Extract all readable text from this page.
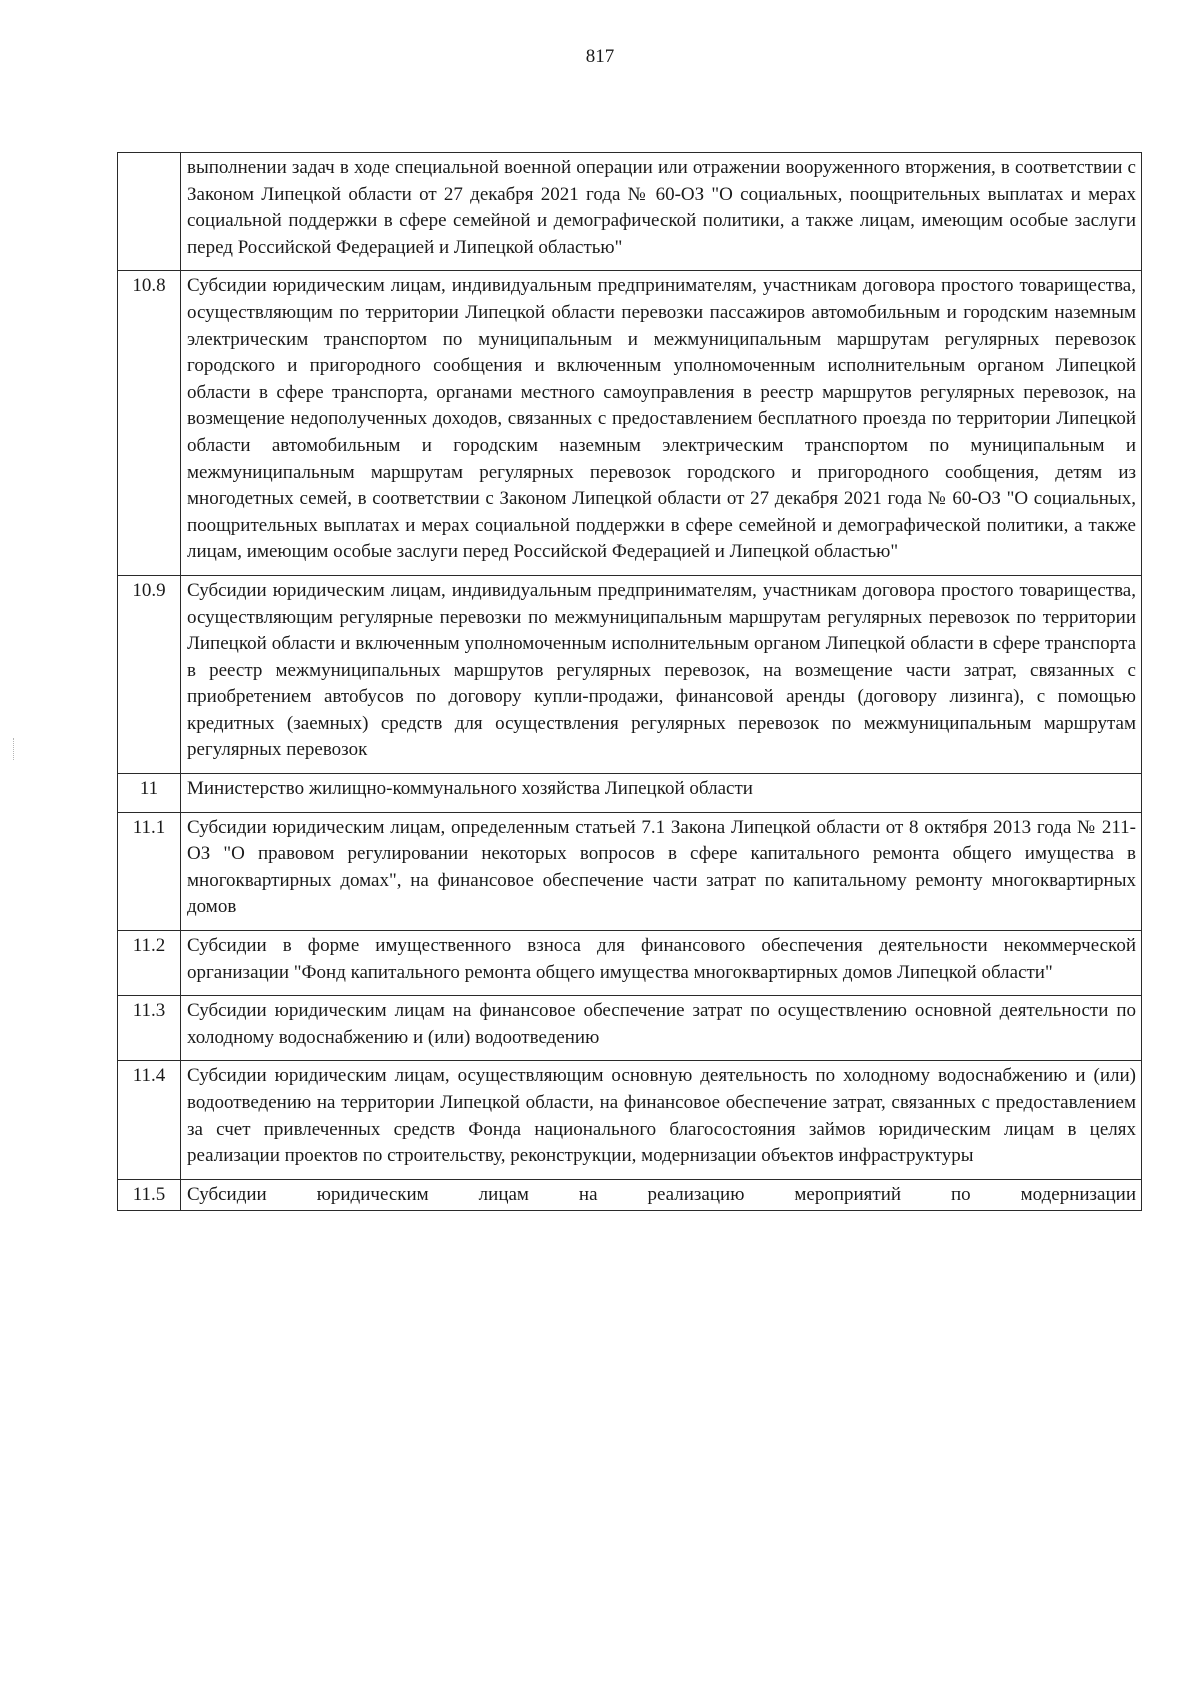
817
	выполнении задач в ходе специальной военной операции или отражении вооруженного вторжения, в соответствии с Законом Липецкой области от 27 декабря 2021 года № 60-ОЗ "О социальных, поощрительных выплатах и мерах социальной поддержки в сфере семейной и демографической политики, а также лицам, имеющим особые заслуги перед Российской Федерацией и Липецкой областью"
10.8	Субсидии юридическим лицам, индивидуальным предпринимателям, участникам договора простого товарищества, осуществляющим по территории Липецкой области перевозки пассажиров автомобильным и городским наземным электрическим транспортом по муниципальным и межмуниципальным маршрутам регулярных перевозок городского и пригородного сообщения и включенным уполномоченным исполнительным органом Липецкой области в сфере транспорта, органами местного самоуправления в реестр маршрутов регулярных перевозок, на возмещение недополученных доходов, связанных с предоставлением бесплатного проезда по территории Липецкой области автомобильным и городским наземным электрическим транспортом по муниципальным и межмуниципальным маршрутам регулярных перевозок городского и пригородного сообщения, детям из многодетных семей, в соответствии с Законом Липецкой области от 27 декабря 2021 года № 60-ОЗ "О социальных, поощрительных выплатах и мерах социальной поддержки в сфере семейной и демографической политики, а также лицам, имеющим особые заслуги перед Российской Федерацией и Липецкой областью"
10.9	Субсидии юридическим лицам, индивидуальным предпринимателям, участникам договора простого товарищества, осуществляющим регулярные перевозки по межмуниципальным маршрутам регулярных перевозок по территории Липецкой области и включенным уполномоченным исполнительным органом Липецкой области в сфере транспорта в реестр межмуниципальных маршрутов регулярных перевозок, на возмещение части затрат, связанных с приобретением автобусов по договору купли-продажи, финансовой аренды (договору лизинга), с помощью кредитных (заемных) средств для осуществления регулярных перевозок по межмуниципальным маршрутам регулярных перевозок
11	Министерство жилищно-коммунального хозяйства Липецкой области
11.1	Субсидии юридическим лицам, определенным статьей 7.1 Закона Липецкой области от 8 октября 2013 года № 211-ОЗ "О правовом регулировании некоторых вопросов в сфере капитального ремонта общего имущества в многоквартирных домах", на финансовое обеспечение части затрат по капитальному ремонту многоквартирных домов
11.2	Субсидии в форме имущественного взноса для финансового обеспечения деятельности некоммерческой организации "Фонд капитального ремонта общего имущества многоквартирных домов Липецкой области"
11.3	Субсидии юридическим лицам на финансовое обеспечение затрат по осуществлению основной деятельности по холодному водоснабжению и (или) водоотведению
11.4	Субсидии юридическим лицам, осуществляющим основную деятельность по холодному водоснабжению и (или) водоотведению на территории Липецкой области, на финансовое обеспечение затрат, связанных с предоставлением за счет привлеченных средств Фонда национального благосостояния займов юридическим лицам в целях реализации проектов по строительству, реконструкции, модернизации объектов инфраструктуры
11.5	Субсидии юридическим лицам на реализацию мероприятий по модернизации
